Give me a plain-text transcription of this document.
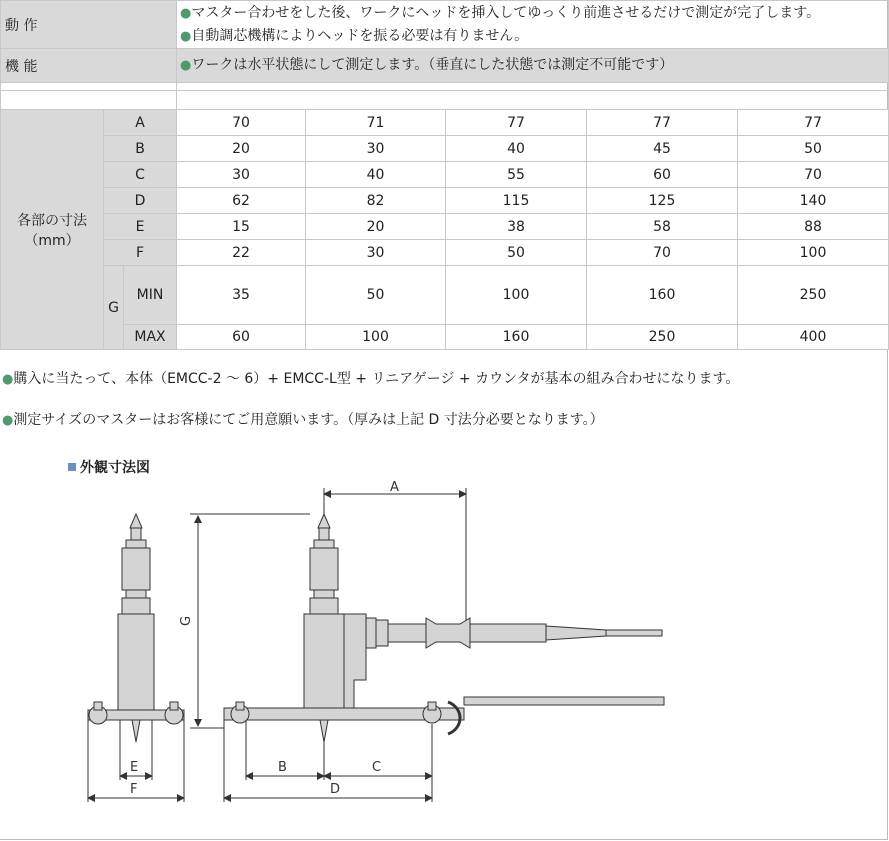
動 作			●マスター合わせをした後、ワークにヘッドを挿入してゆっくり前進させるだけで測定が完了します。
●自動調芯機構によりヘッドを振る必要は有りません。				

機 能			●ワークは水平状態にして測定します。（垂直にした状態では測定不可能です）				

各部の寸法
（mm）	A		70	71	77	77	77
	B		20	30	40	45	50
	C		30	40	55	60	70
	D		62	82	115	125	140
	E		15	20	38	58	88
	F		22	30	50	70	100
	G	MIN	35	50	100	160	250
		MAX	60	100	160	250	400

●購入に当たって、本体（EMCC-2 ～ 6）+ EMCC-L型 + リニアゲージ + カウンタが基本の組み合わせになります。

●測定サイズのマスターはお客様にてご用意願います。（厚みは上記 D 寸法分必要となります。）

外観寸法図
A
B	C
D
E
F
G
